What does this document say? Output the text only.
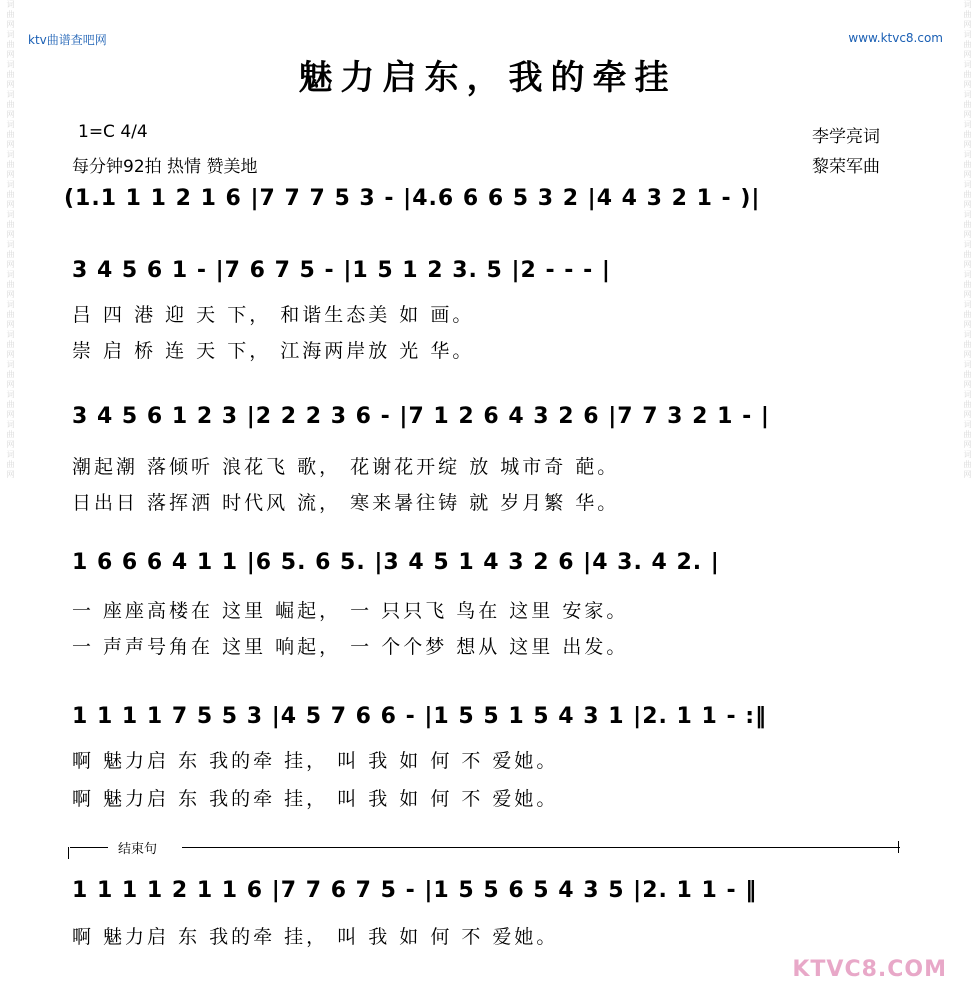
词曲网词曲网词曲网词曲网词曲网词曲网词曲网词曲网词曲网词曲网词曲网词曲网词曲网词曲网词曲网词曲网	词曲网词曲网词曲网词曲网词曲网词曲网词曲网词曲网词曲网词曲网词曲网词曲网词曲网词曲网词曲网词曲网
ktv曲谱查吧网	www.ktvc8.com
魅力启东，我的牵挂
1=C 4/4
每分钟92拍 热情 赞美地
李学亮词
黎荣军曲
(1.1 1 1 2 1 6 |7 7 7 5 3 - |4.6 6 6 5 3 2 |4 4 3 2 1 - )|
3 4 5 6 1 - |7 6 7 5 - |1 5 1 2 3. 5 |2 - - - |
吕 四 港 迎 天 下， 和谐生态美 如 画。
崇 启 桥 连 天 下， 江海两岸放 光 华。
3 4 5 6 1 2 3 |2 2 2 3 6 - |7 1 2 6 4 3 2 6 |7 7 3 2 1 - |
潮起潮 落倾听 浪花飞 歌， 花谢花开绽 放 城市奇 葩。
日出日 落挥洒 时代风 流， 寒来暑往铸 就 岁月繁 华。
1 6 6 6 4 1 1 |6 5. 6 5. |3 4 5 1 4 3 2 6 |4 3. 4 2. |
一 座座高楼在 这里 崛起， 一 只只飞 鸟在 这里 安家。
一 声声号角在 这里 响起， 一 个个梦 想从 这里 出发。
1 1 1 1 7 5 5 3 |4 5 7 6 6 - |1 5 5 1 5 4 3 1 |2. 1 1 - :‖
啊 魅力启 东 我的牵 挂， 叫 我 如 何 不 爱她。
啊 魅力启 东 我的牵 挂， 叫 我 如 何 不 爱她。
结束句
1 1 1 1 2 1 1 6 |7 7 6 7 5 - |1 5 5 6 5 4 3 5 |2. 1 1 - ‖
啊 魅力启 东 我的牵 挂， 叫 我 如 何 不 爱她。
KTVC8.COM
